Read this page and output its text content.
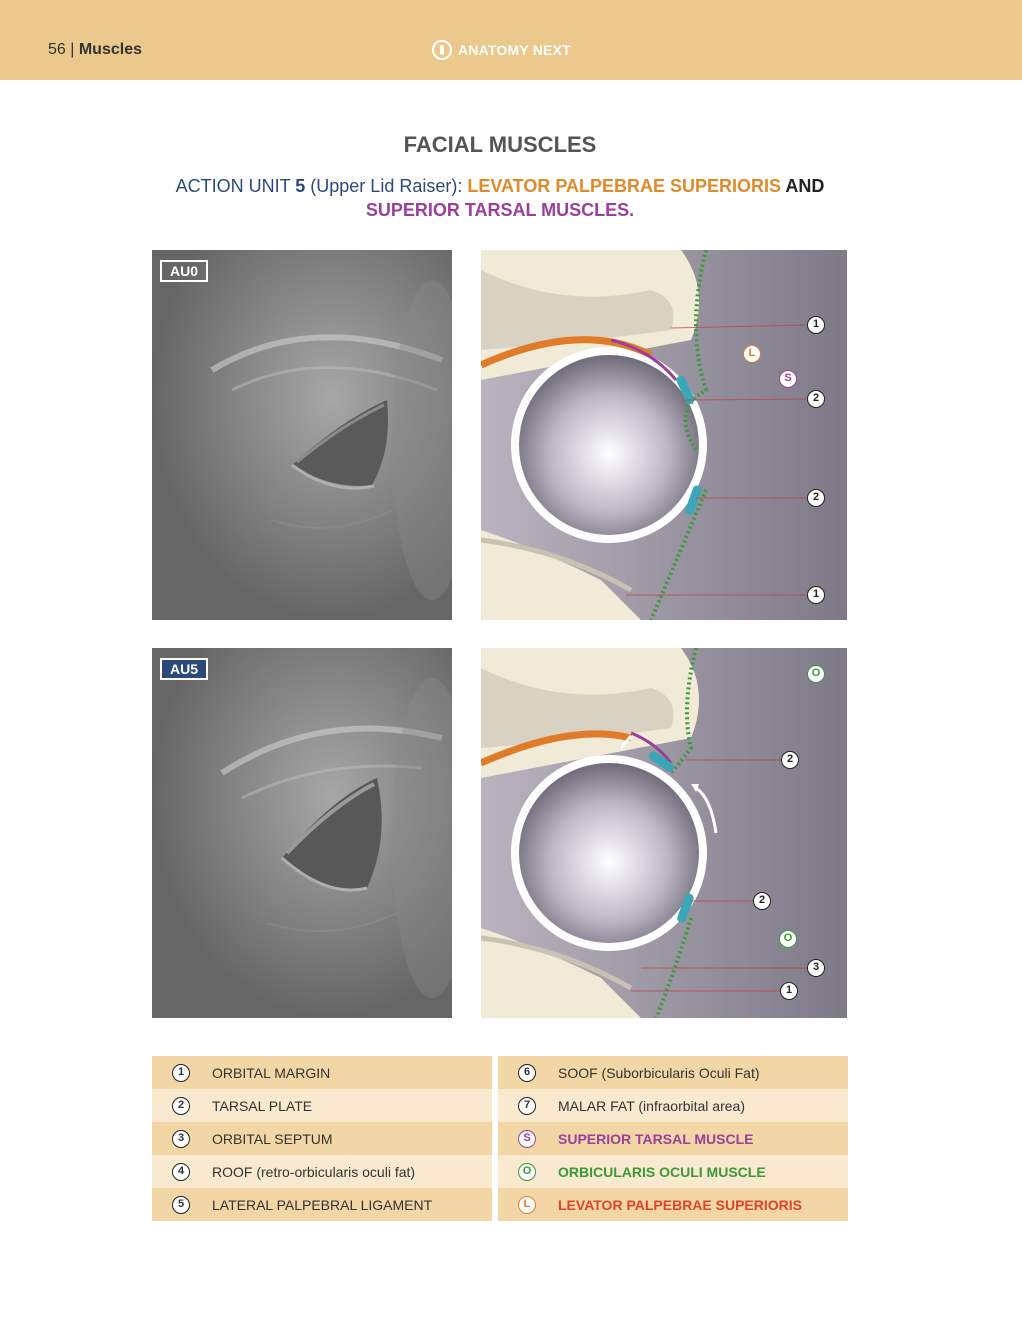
56 | Muscles	ANATOMY NEXT
FACIAL MUSCLES
ACTION UNIT 5 (Upper Lid Raiser): LEVATOR PALPEBRAE SUPERIORIS AND
SUPERIOR TARSAL MUSCLES.
AU0
1
L
S
2
2
1
AU5	O
2
2
O
3
1
1	ORBITAL MARGIN
2	TARSAL PLATE
3	ORBITAL SEPTUM
4	ROOF (retro-orbicularis oculi fat)
5	LATERAL PALPEBRAL LIGAMENT
6	SOOF (Suborbicularis Oculi Fat)
7	MALAR FAT (infraorbital area)
S	SUPERIOR TARSAL MUSCLE
O	ORBICULARIS OCULI MUSCLE
L	LEVATOR PALPEBRAE SUPERIORIS
